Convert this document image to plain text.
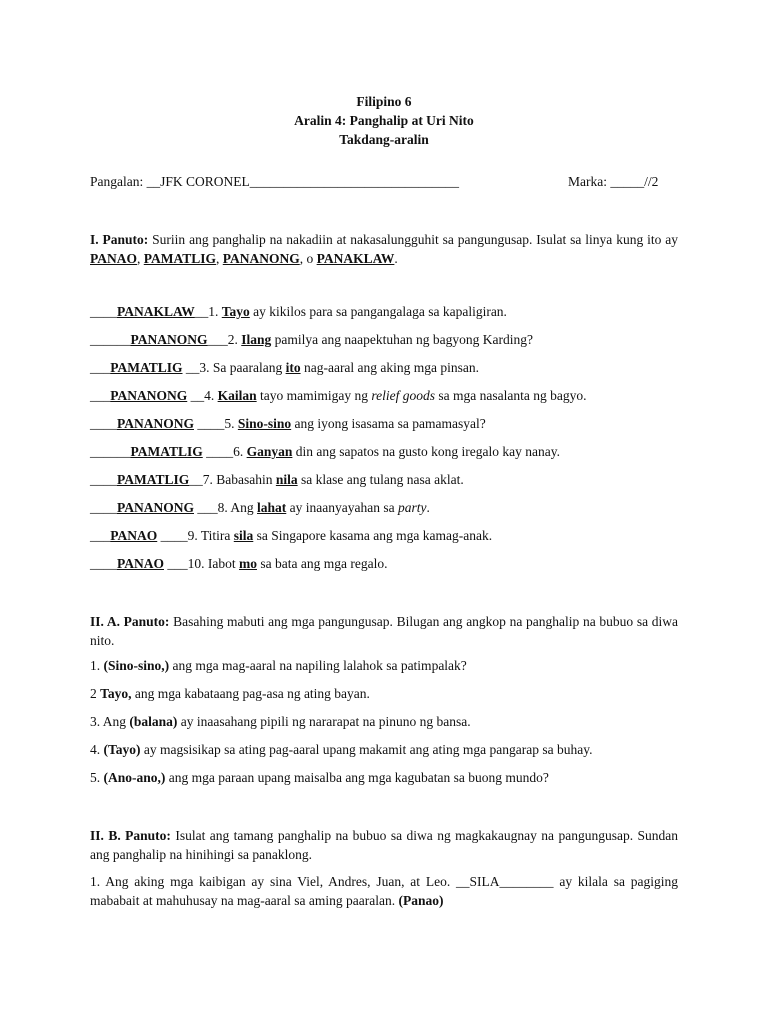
Filipino 6
Aralin 4: Panghalip at Uri Nito
Takdang-aralin
Pangalan: __JFK CORONEL_______________________________	Marka: _____//2
I. Panuto: Suriin ang panghalip na nakadiin at nakasalungguhit sa pangungusap. Isulat sa linya kung ito ay PANAO, PAMATLIG, PANANONG, o PANAKLAW.
____PANAKLAW__1. Tayo ay kikilos para sa pangangalaga sa kapaligiran.
______PANANONG___2. Ilang pamilya ang naapektuhan ng bagyong Karding?
___PAMATLIG __3. Sa paaralang ito nag-aaral ang aking mga pinsan.
___PANANONG __4. Kailan tayo mamimigay ng relief goods sa mga nasalanta ng bagyo.
____PANANONG ____5. Sino-sino ang iyong isasama sa pamamasyal?
______PAMATLIG ____6. Ganyan din ang sapatos na gusto kong iregalo kay nanay.
____PAMATLIG__7. Babasahin nila sa klase ang tulang nasa aklat.
____PANANONG ___8. Ang lahat ay inaanyayahan sa party.
___PANAO ____9. Titira sila sa Singapore kasama ang mga kamag-anak.
____PANAO ___10. Iabot mo sa bata ang mga regalo.
II. A. Panuto: Basahing mabuti ang mga pangungusap. Bilugan ang angkop na panghalip na bubuo sa diwa nito.
1. (Sino-sino,) ang mga mag-aaral na napiling lalahok sa patimpalak?
2 Tayo, ang mga kabataang pag-asa ng ating bayan.
3. Ang (balana) ay inaasahang pipili ng nararapat na pinuno ng bansa.
4. (Tayo) ay magsisikap sa ating pag-aaral upang makamit ang ating mga pangarap sa buhay.
5. (Ano-ano,) ang mga paraan upang maisalba ang mga kagubatan sa buong mundo?
II. B. Panuto: Isulat ang tamang panghalip na bubuo sa diwa ng magkakaugnay na pangungusap. Sundan ang panghalip na hinihingi sa panaklong.
1. Ang aking mga kaibigan ay sina Viel, Andres, Juan, at Leo. __SILA________ ay kilala sa pagiging mababait at mahuhusay na mag-aaral sa aming paaralan. (Panao)
